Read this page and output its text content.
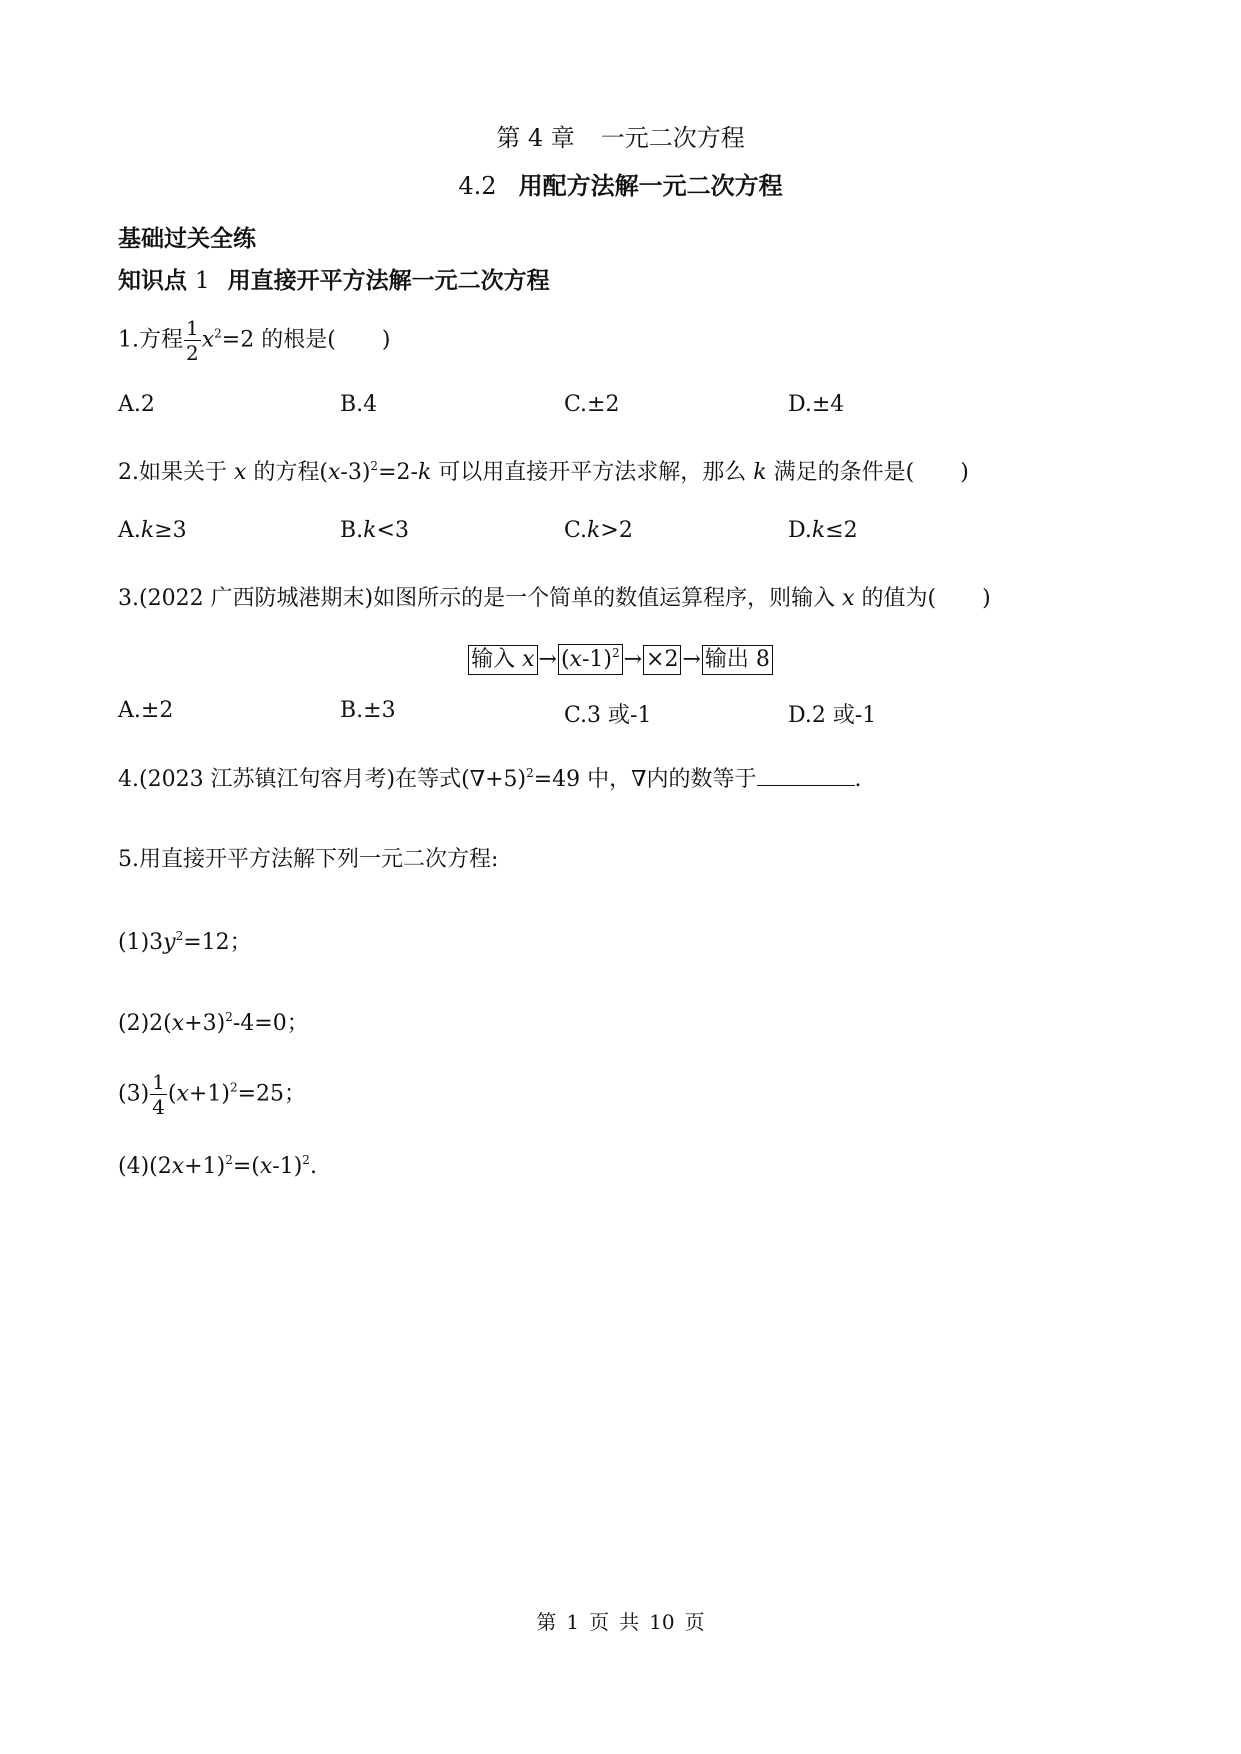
第 4 章 一元二次方程
4.2 用配方法解一元二次方程
基础过关全练
知识点 1 用直接开平方法解一元二次方程
1.方程 $\frac{1}{2} x^2=2$ 的根是( )
A.2	B.4	C.±2	D.±4
2.如果关于 x 的方程$(x-3)^2=2-k$ 可以用直接开平方法求解，那么 k 满足的条件是( )
A.k≥3	B.k<3	C.k>2	D.k≤2
3.(2022 广西防城港期末)如图所示的是一个简单的数值运算程序，则输入 x 的值为( )
输入 $x \to (x-1)^2 \to \times 2$ → 输出 8
A.±2	B.±3	C.3 或-1	D.2 或-1
4.(2023 江苏镇江句容月考)在等式$(\nabla+5)^2=49$ 中，∇内的数等于	.
5.用直接开平方法解下列一元二次方程:
$(1)3y^2=12$；
$(2)2(x+3)^2-4=0$；
$(3) \frac{1}{4} (x+1)^2=25$；
$(4)(2x+1)^2=(x-1)^2$.
第 1 页 共 10 页
